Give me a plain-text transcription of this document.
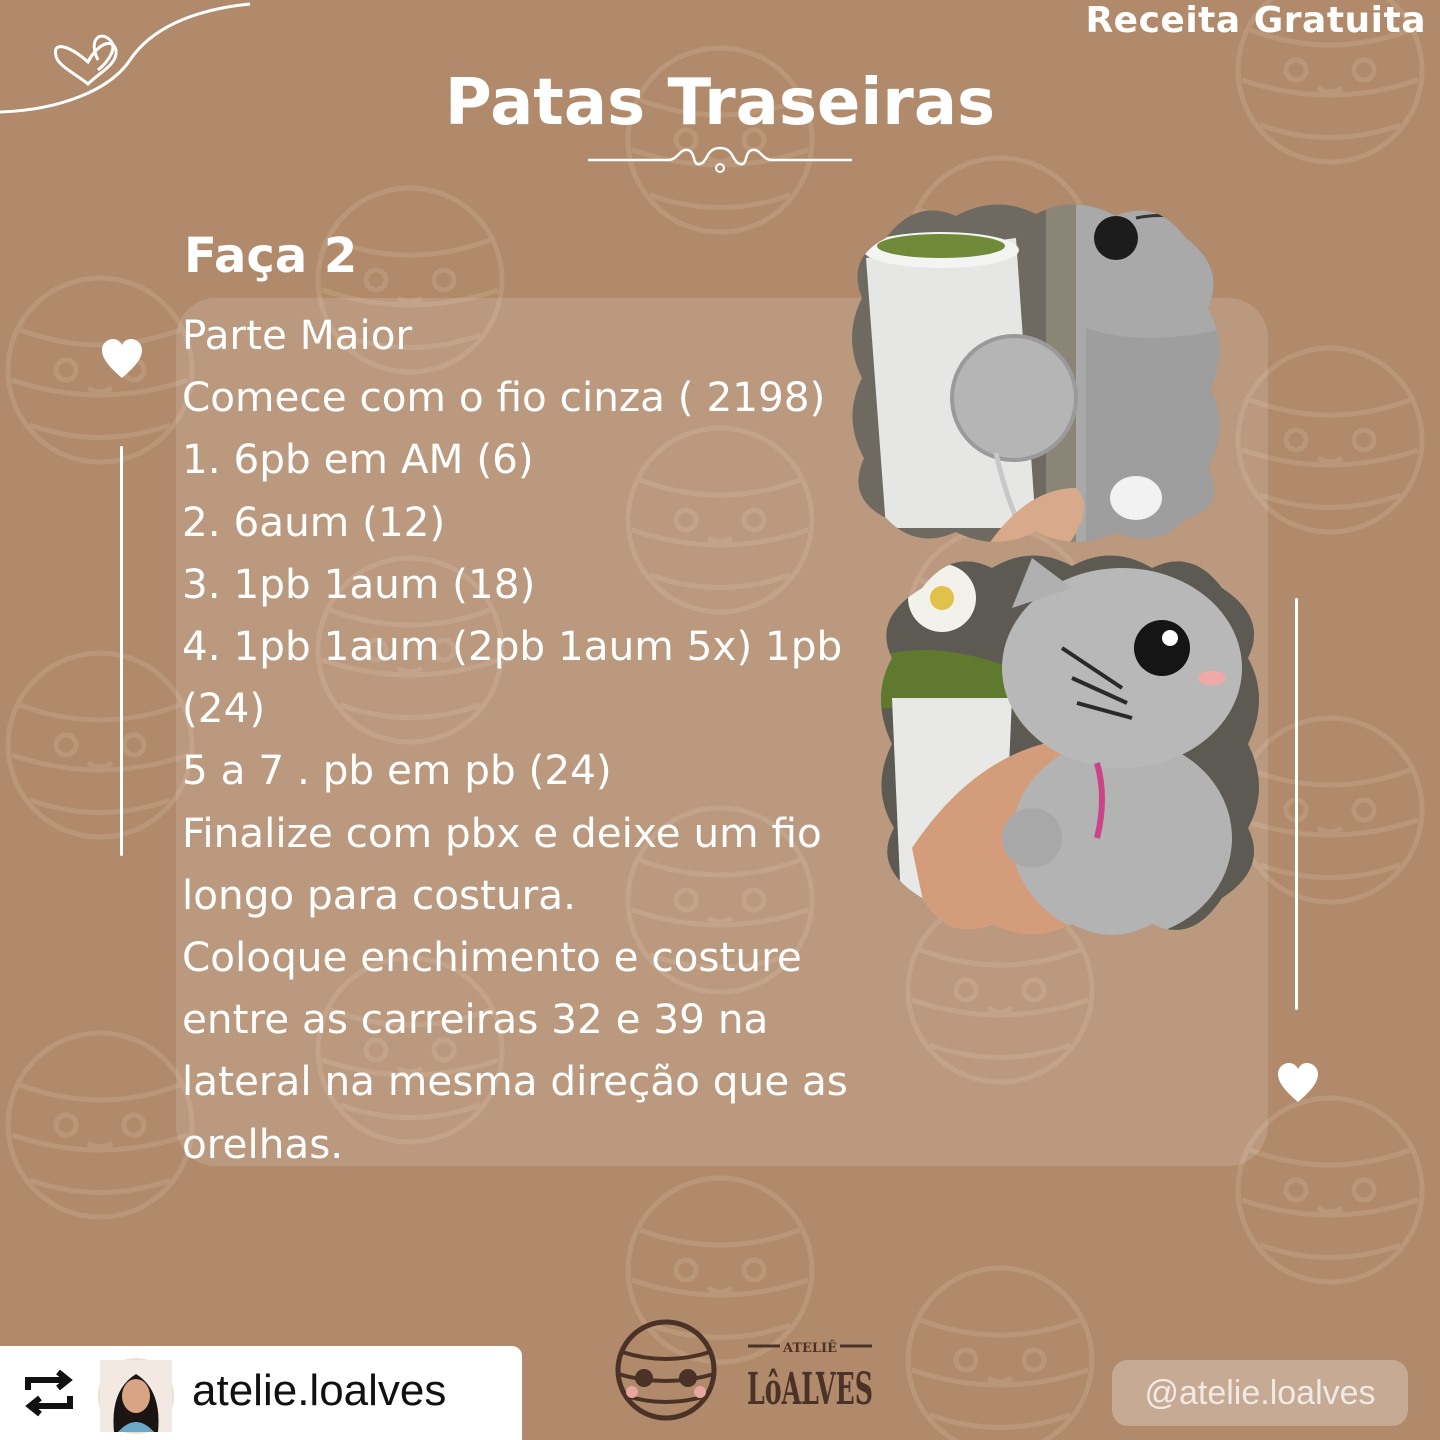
Receita Gratuita
Patas Traseiras
Faça 2
Parte Maior
Comece com o fio cinza ( 2198)
1. 6pb em AM (6)
2. 6aum (12)
3. 1pb 1aum (18)
4. 1pb 1aum (2pb 1aum 5x) 1pb (24)
5 a 7 . pb em pb (24)
Finalize com pbx e deixe um fio longo para costura.
Coloque enchimento e costure entre as carreiras 32 e 39 na lateral na mesma direção que as orelhas.
atelie.loalves
ATELIÊ
LôALVES	@atelie.loalves
